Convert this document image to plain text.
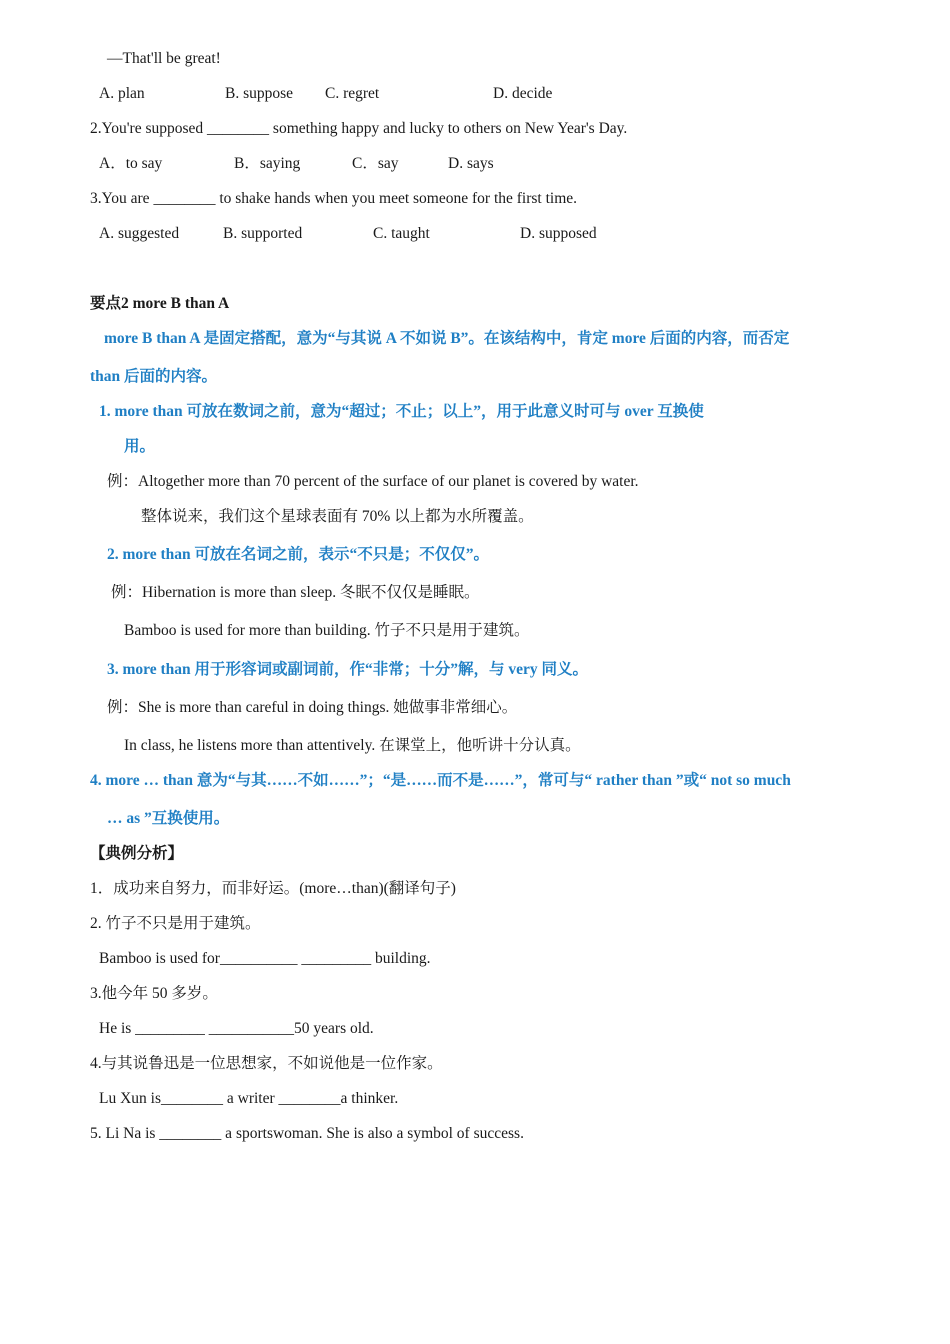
—That'll be great!
A. plan	B. suppose C. regret	D. decide
2.You're supposed ________ something happy and lucky to others on New Year's Day.
A．to say	B．saying	C．say	D. says
3.You are ________ to shake hands when you meet someone for the first time.
A. suggested	B. supported	C. taught	D. supposed
要点2 more B than A
more B than A 是固定搭配，意为“与其说 A 不如说 B”。在该结构中，肯定 more 后面的内容，而否定
than 后面的内容。
1. more than 可放在数词之前，意为“超过；不止；以上”，用于此意义时可与 over 互换使
用。
例：Altogether more than 70 percent of the surface of our planet is covered by water.
整体说来，我们这个星球表面有 70% 以上都为水所覆盖。
2. more than 可放在名词之前，表示“不只是；不仅仅”。
例：Hibernation is more than sleep. 冬眠不仅仅是睡眠。
Bamboo is used for more than building. 竹子不只是用于建筑。
3. more than 用于形容词或副词前，作“非常；十分”解，与 very 同义。
例：She is more than careful in doing things. 她做事非常细心。
In class, he listens more than attentively. 在课堂上，他听讲十分认真。
4. more … than 意为“与其……不如……”；“是……而不是……”，常可与“ rather than ”或“ not so much
… as ”互换使用。
【典例分析】
1．成功来自努力，而非好运。(more…than)(翻译句子)
2. 竹子不只是用于建筑。
Bamboo is used for__________ _________ building.
3.他今年 50 多岁。
He is _________ ___________50 years old.
4.与其说鲁迅是一位思想家，不如说他是一位作家。
Lu Xun is________ a writer ________a thinker.
5. Li Na is ________ a sportswoman. She is also a symbol of success.
